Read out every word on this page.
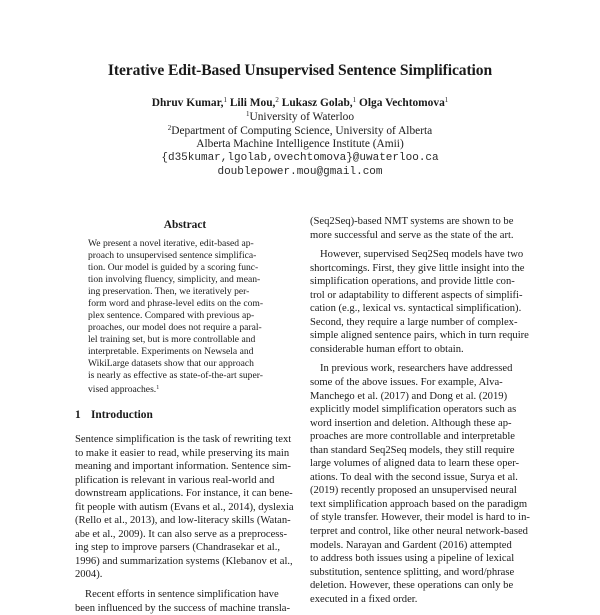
Iterative Edit-Based Unsupervised Sentence Simplification
Dhruv Kumar,$^1$ Lili Mou,$^2$ Lukasz Golab,$^1$ Olga Vechtomova$^1$
$^1$University of Waterloo
$^2$Department of Computing Science, University of Alberta
Alberta Machine Intelligence Institute (Amii)
{d35kumar,lgolab,ovechtomova}@uwaterloo.ca
doublepower.mou@gmail.com
Abstract
We present a novel iterative, edit-based ap-
proach to unsupervised sentence simplifica-
tion. Our model is guided by a scoring func-
tion involving fluency, simplicity, and mean-
ing preservation. Then, we iteratively per-
form word and phrase-level edits on the com-
plex sentence. Compared with previous ap-
proaches, our model does not require a paral-
lel training set, but is more controllable and
interpretable. Experiments on Newsela and
WikiLarge datasets show that our approach
is nearly as effective as state-of-the-art super-
vised approaches.$^1$
1 Introduction
Sentence simplification is the task of rewriting text
to make it easier to read, while preserving its main
meaning and important information. Sentence sim-
plification is relevant in various real-world and
downstream applications. For instance, it can bene-
fit people with autism (Evans et al., 2014), dyslexia
(Rello et al., 2013), and low-literacy skills (Watan-
abe et al., 2009). It can also serve as a preprocess-
ing step to improve parsers (Chandrasekar et al.,
1996) and summarization systems (Klebanov et al.,
2004).
Recent efforts in sentence simplification have
been influenced by the success of machine transla-
(Seq2Seq)-based NMT systems are shown to be
more successful and serve as the state of the art.
However, supervised Seq2Seq models have two
shortcomings. First, they give little insight into the
simplification operations, and provide little con-
trol or adaptability to different aspects of simplifi-
cation (e.g., lexical vs. syntactical simplification).
Second, they require a large number of complex-
simple aligned sentence pairs, which in turn require
considerable human effort to obtain.
In previous work, researchers have addressed
some of the above issues. For example, Alva-
Manchego et al. (2017) and Dong et al. (2019)
explicitly model simplification operators such as
word insertion and deletion. Although these ap-
proaches are more controllable and interpretable
than standard Seq2Seq models, they still require
large volumes of aligned data to learn these oper-
ations. To deal with the second issue, Surya et al.
(2019) recently proposed an unsupervised neural
text simplification approach based on the paradigm
of style transfer. However, their model is hard to in-
terpret and control, like other neural network-based
models. Narayan and Gardent (2016) attempted
to address both issues using a pipeline of lexical
substitution, sentence splitting, and word/phrase
deletion. However, these operations can only be
executed in a fixed order.
